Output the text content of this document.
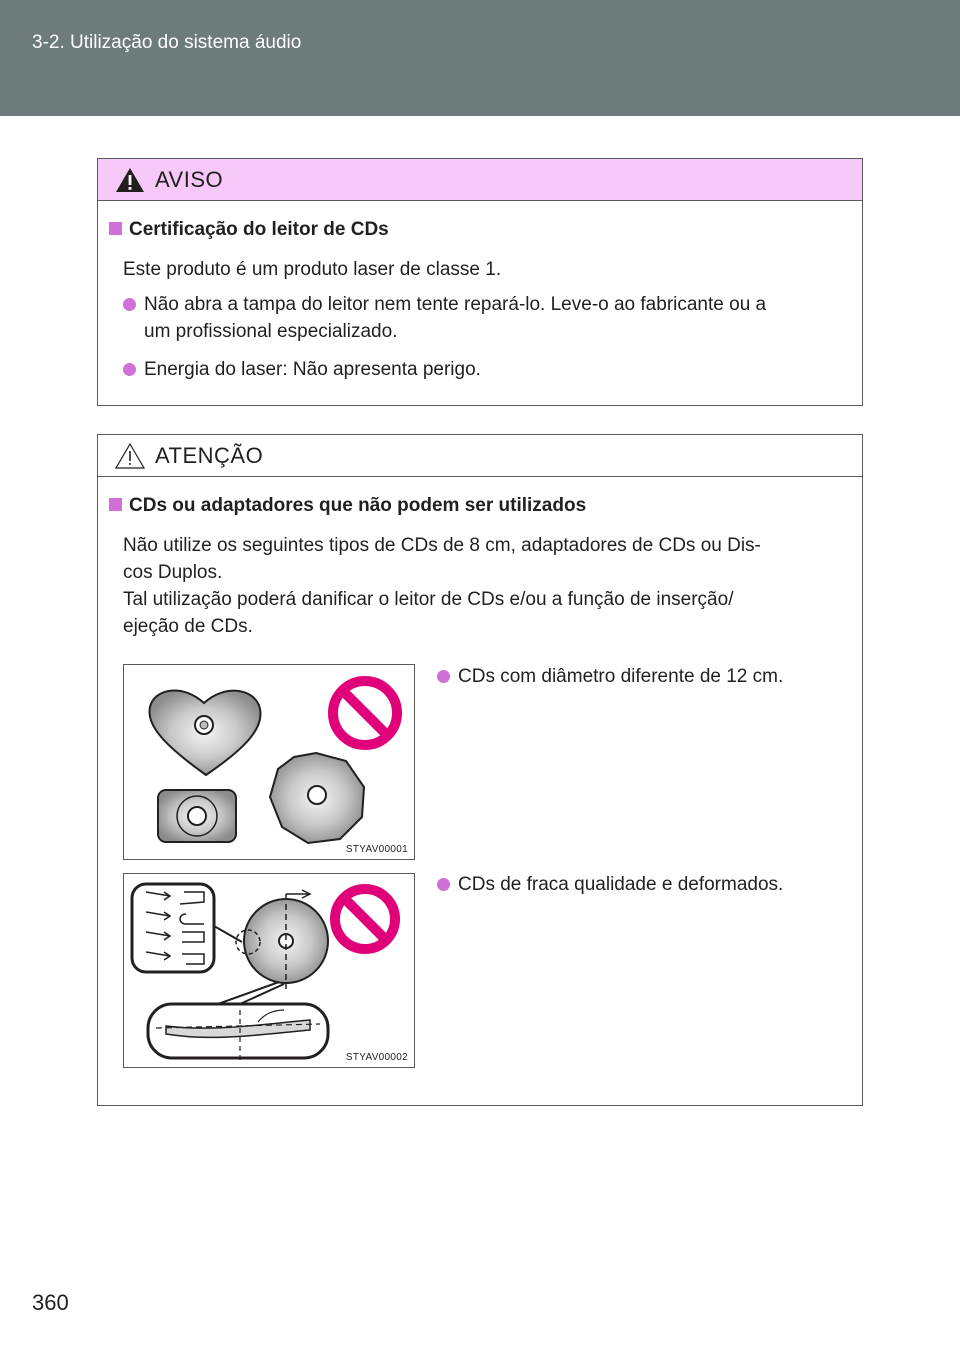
3-2. Utilização do sistema áudio
AVISO
Certificação do leitor de CDs
Este produto é um produto laser de classe 1.
Não abra a tampa do leitor nem tente repará-lo. Leve-o ao fabricante ou a
um profissional especializado.
Energia do laser: Não apresenta perigo.
ATENÇÃO
CDs ou adaptadores que não podem ser utilizados
Não utilize os seguintes tipos de CDs de 8 cm, adaptadores de CDs ou Dis-
cos Duplos.
Tal utilização poderá danificar o leitor de CDs e/ou a função de inserção/
ejeção de CDs.
STYAV00001
CDs com diâmetro diferente de 12 cm.
STYAV00002
CDs de fraca qualidade e deformados.
360
